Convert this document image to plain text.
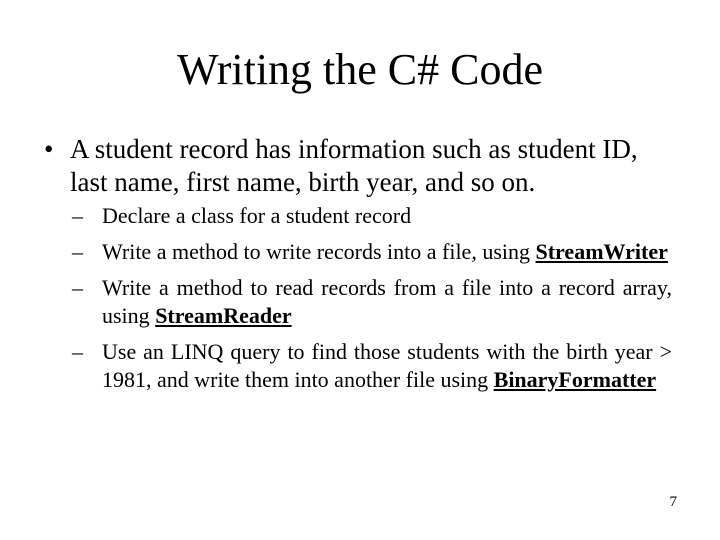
Writing the C# Code
• A student record has information such as student ID, last name, first name, birth year, and so on.
– Declare a class for a student record
– Write a method to write records into a file, using StreamWriter
– Write a method to read records from a file into a record array, using StreamReader
– Use an LINQ query to find those students with the birth year > 1981, and write them into another file using BinaryFormatter
7
